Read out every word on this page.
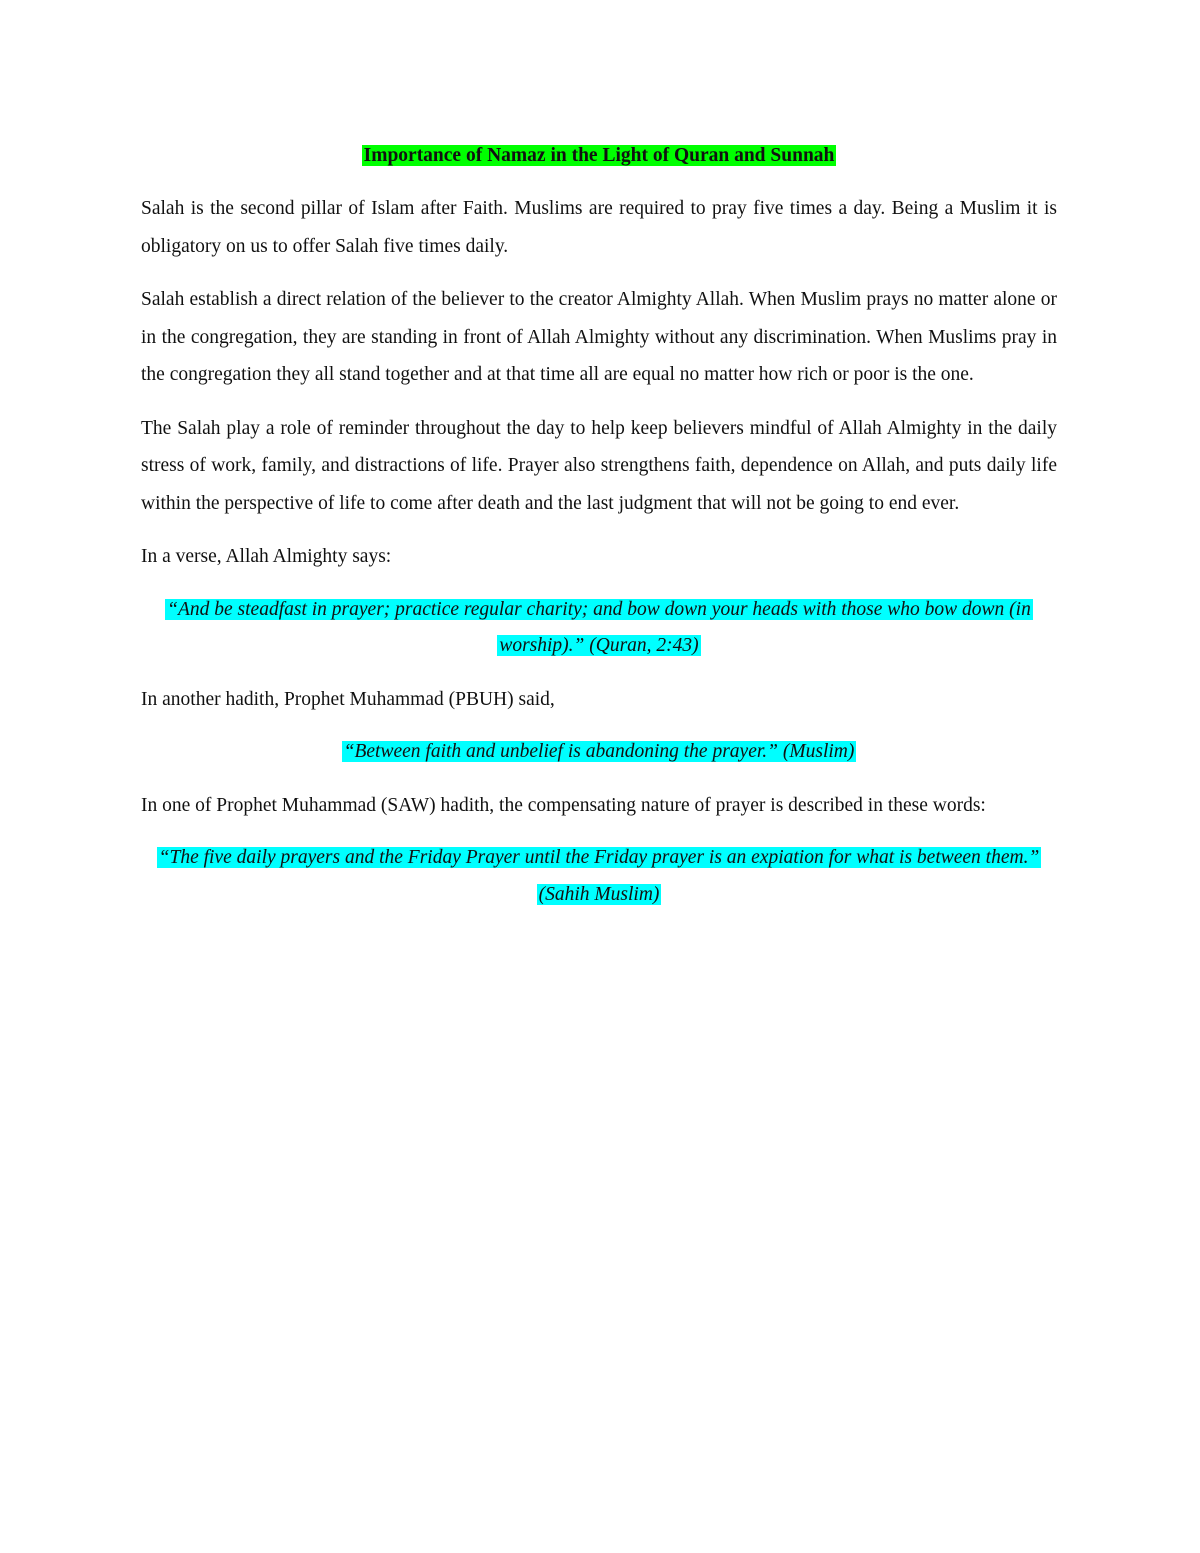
Importance of Namaz in the Light of Quran and Sunnah

Salah is the second pillar of Islam after Faith. Muslims are required to pray five times a day. Being a Muslim it is obligatory on us to offer Salah five times daily.

Salah establish a direct relation of the believer to the creator Almighty Allah. When Muslim prays no matter alone or in the congregation, they are standing in front of Allah Almighty without any discrimination. When Muslims pray in the congregation they all stand together and at that time all are equal no matter how rich or poor is the one.

The Salah play a role of reminder throughout the day to help keep believers mindful of Allah Almighty in the daily stress of work, family, and distractions of life. Prayer also strengthens faith, dependence on Allah, and puts daily life within the perspective of life to come after death and the last judgment that will not be going to end ever.

In a verse, Allah Almighty says:

“And be steadfast in prayer; practice regular charity; and bow down your heads with those who bow down (in worship).” (Quran, 2:43)

In another hadith, Prophet Muhammad (PBUH) said,

“Between faith and unbelief is abandoning the prayer.” (Muslim)

In one of Prophet Muhammad (SAW) hadith, the compensating nature of prayer is described in these words:

“The five daily prayers and the Friday Prayer until the Friday prayer is an expiation for what is between them.” (Sahih Muslim)
